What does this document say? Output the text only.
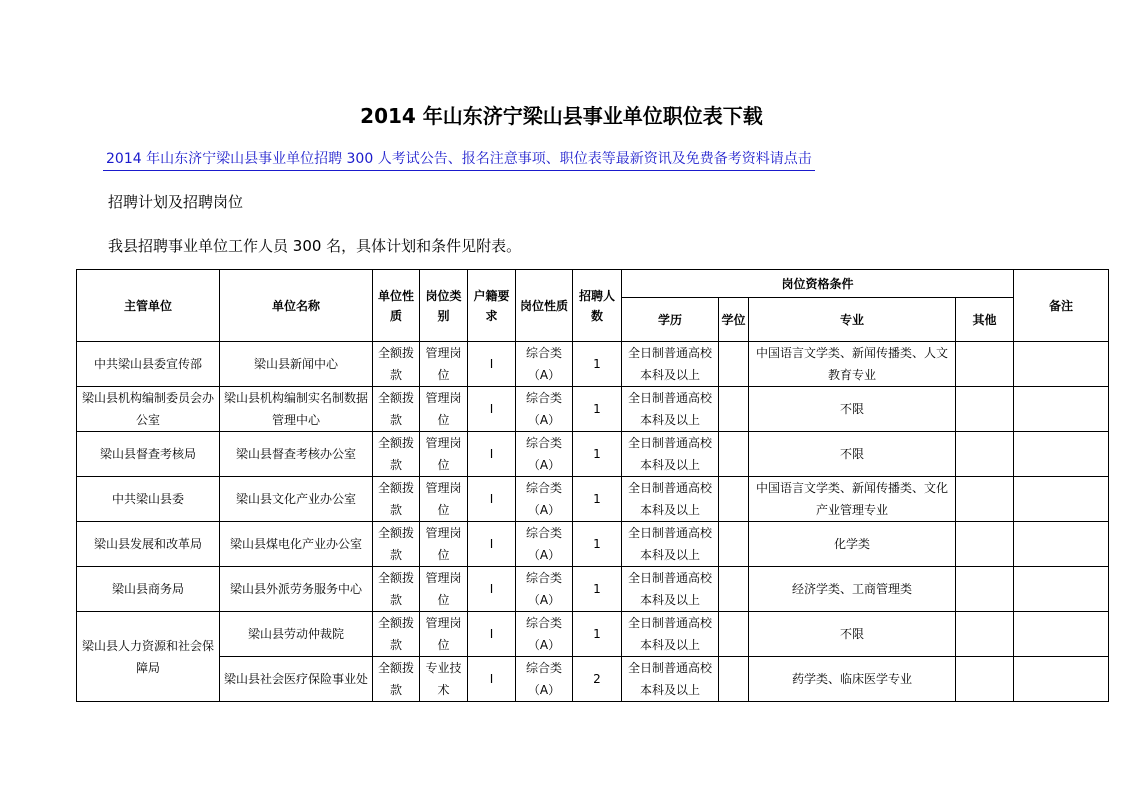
2014 年山东济宁梁山县事业单位职位表下载
2014 年山东济宁梁山县事业单位招聘 300 人考试公告、报名注意事项、职位表等最新资讯及免费备考资料请点击
招聘计划及招聘岗位
我县招聘事业单位工作人员 300 名，具体计划和条件见附表。
主管单位	单位名称	单位性质	岗位类别	户籍要求	岗位性质	招聘人数	岗位资格条件				备注
							学历	学位	专业	其他	
中共梁山县委宣传部	梁山县新闻中心	全额拨款	管理岗位	I	综合类（A）	1	全日制普通高校本科及以上		中国语言文学类、新闻传播类、人文教育专业		
梁山县机构编制委员会办公室	梁山县机构编制实名制数据管理中心	全额拨款	管理岗位	I	综合类（A）	1	全日制普通高校本科及以上		不限		
梁山县督查考核局	梁山县督查考核办公室	全额拨款	管理岗位	I	综合类（A）	1	全日制普通高校本科及以上		不限		
中共梁山县委	梁山县文化产业办公室	全额拨款	管理岗位	I	综合类（A）	1	全日制普通高校本科及以上		中国语言文学类、新闻传播类、文化产业管理专业		
梁山县发展和改革局	梁山县煤电化产业办公室	全额拨款	管理岗位	I	综合类（A）	1	全日制普通高校本科及以上		化学类		
梁山县商务局	梁山县外派劳务服务中心	全额拨款	管理岗位	I	综合类（A）	1	全日制普通高校本科及以上		经济学类、工商管理类		
梁山县人力资源和社会保障局	梁山县劳动仲裁院	全额拨款	管理岗位	I	综合类（A）	1	全日制普通高校本科及以上		不限		
	梁山县社会医疗保险事业处	全额拨款	专业技术	I	综合类（A）	2	全日制普通高校本科及以上		药学类、临床医学专业		
